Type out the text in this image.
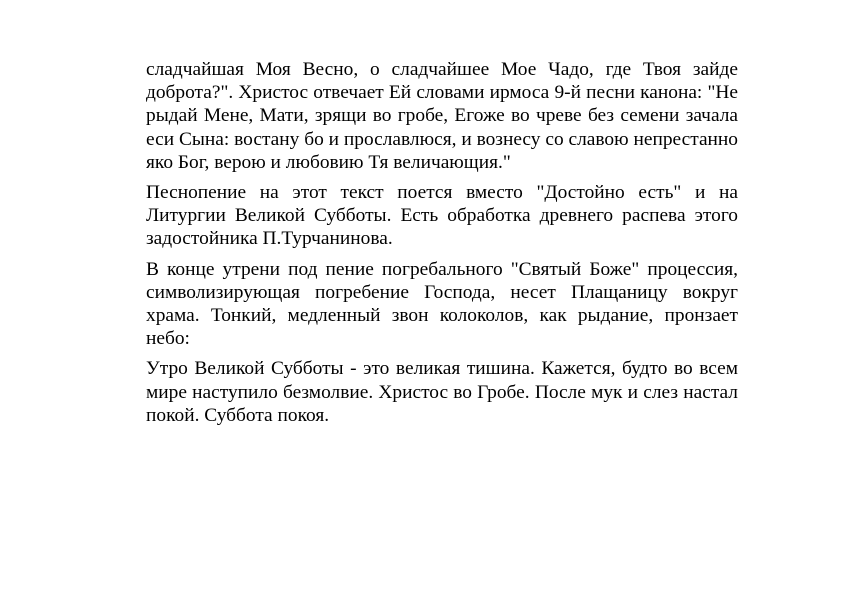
сладчайшая Моя Весно, о сладчайшее Мое Чадо, где Твоя зайде доброта?". Христос отвечает Ей словами ирмоса 9-й песни канона: "Не рыдай Мене, Мати, зрящи во гробе, Егоже во чреве без семени зачала еси Сына: востану бо и прославлюся, и вознесу со славою непрестанно яко Бог, верою и любовию Тя величающия."

Песнопение на этот текст поется вместо "Достойно есть" и на Литургии Великой Субботы. Есть обработка древнего распева этого задостойника П.Турчанинова.

В конце утрени под пение погребального "Святый Боже" процессия, символизирующая погребение Господа, несет Плащаницу вокруг храма. Тонкий, медленный звон колоколов, как рыдание, пронзает небо:

Утро Великой Субботы - это великая тишина. Кажется, будто во всем мире наступило безмолвие. Христос во Гробе. После мук и слез настал покой. Суббота покоя.
